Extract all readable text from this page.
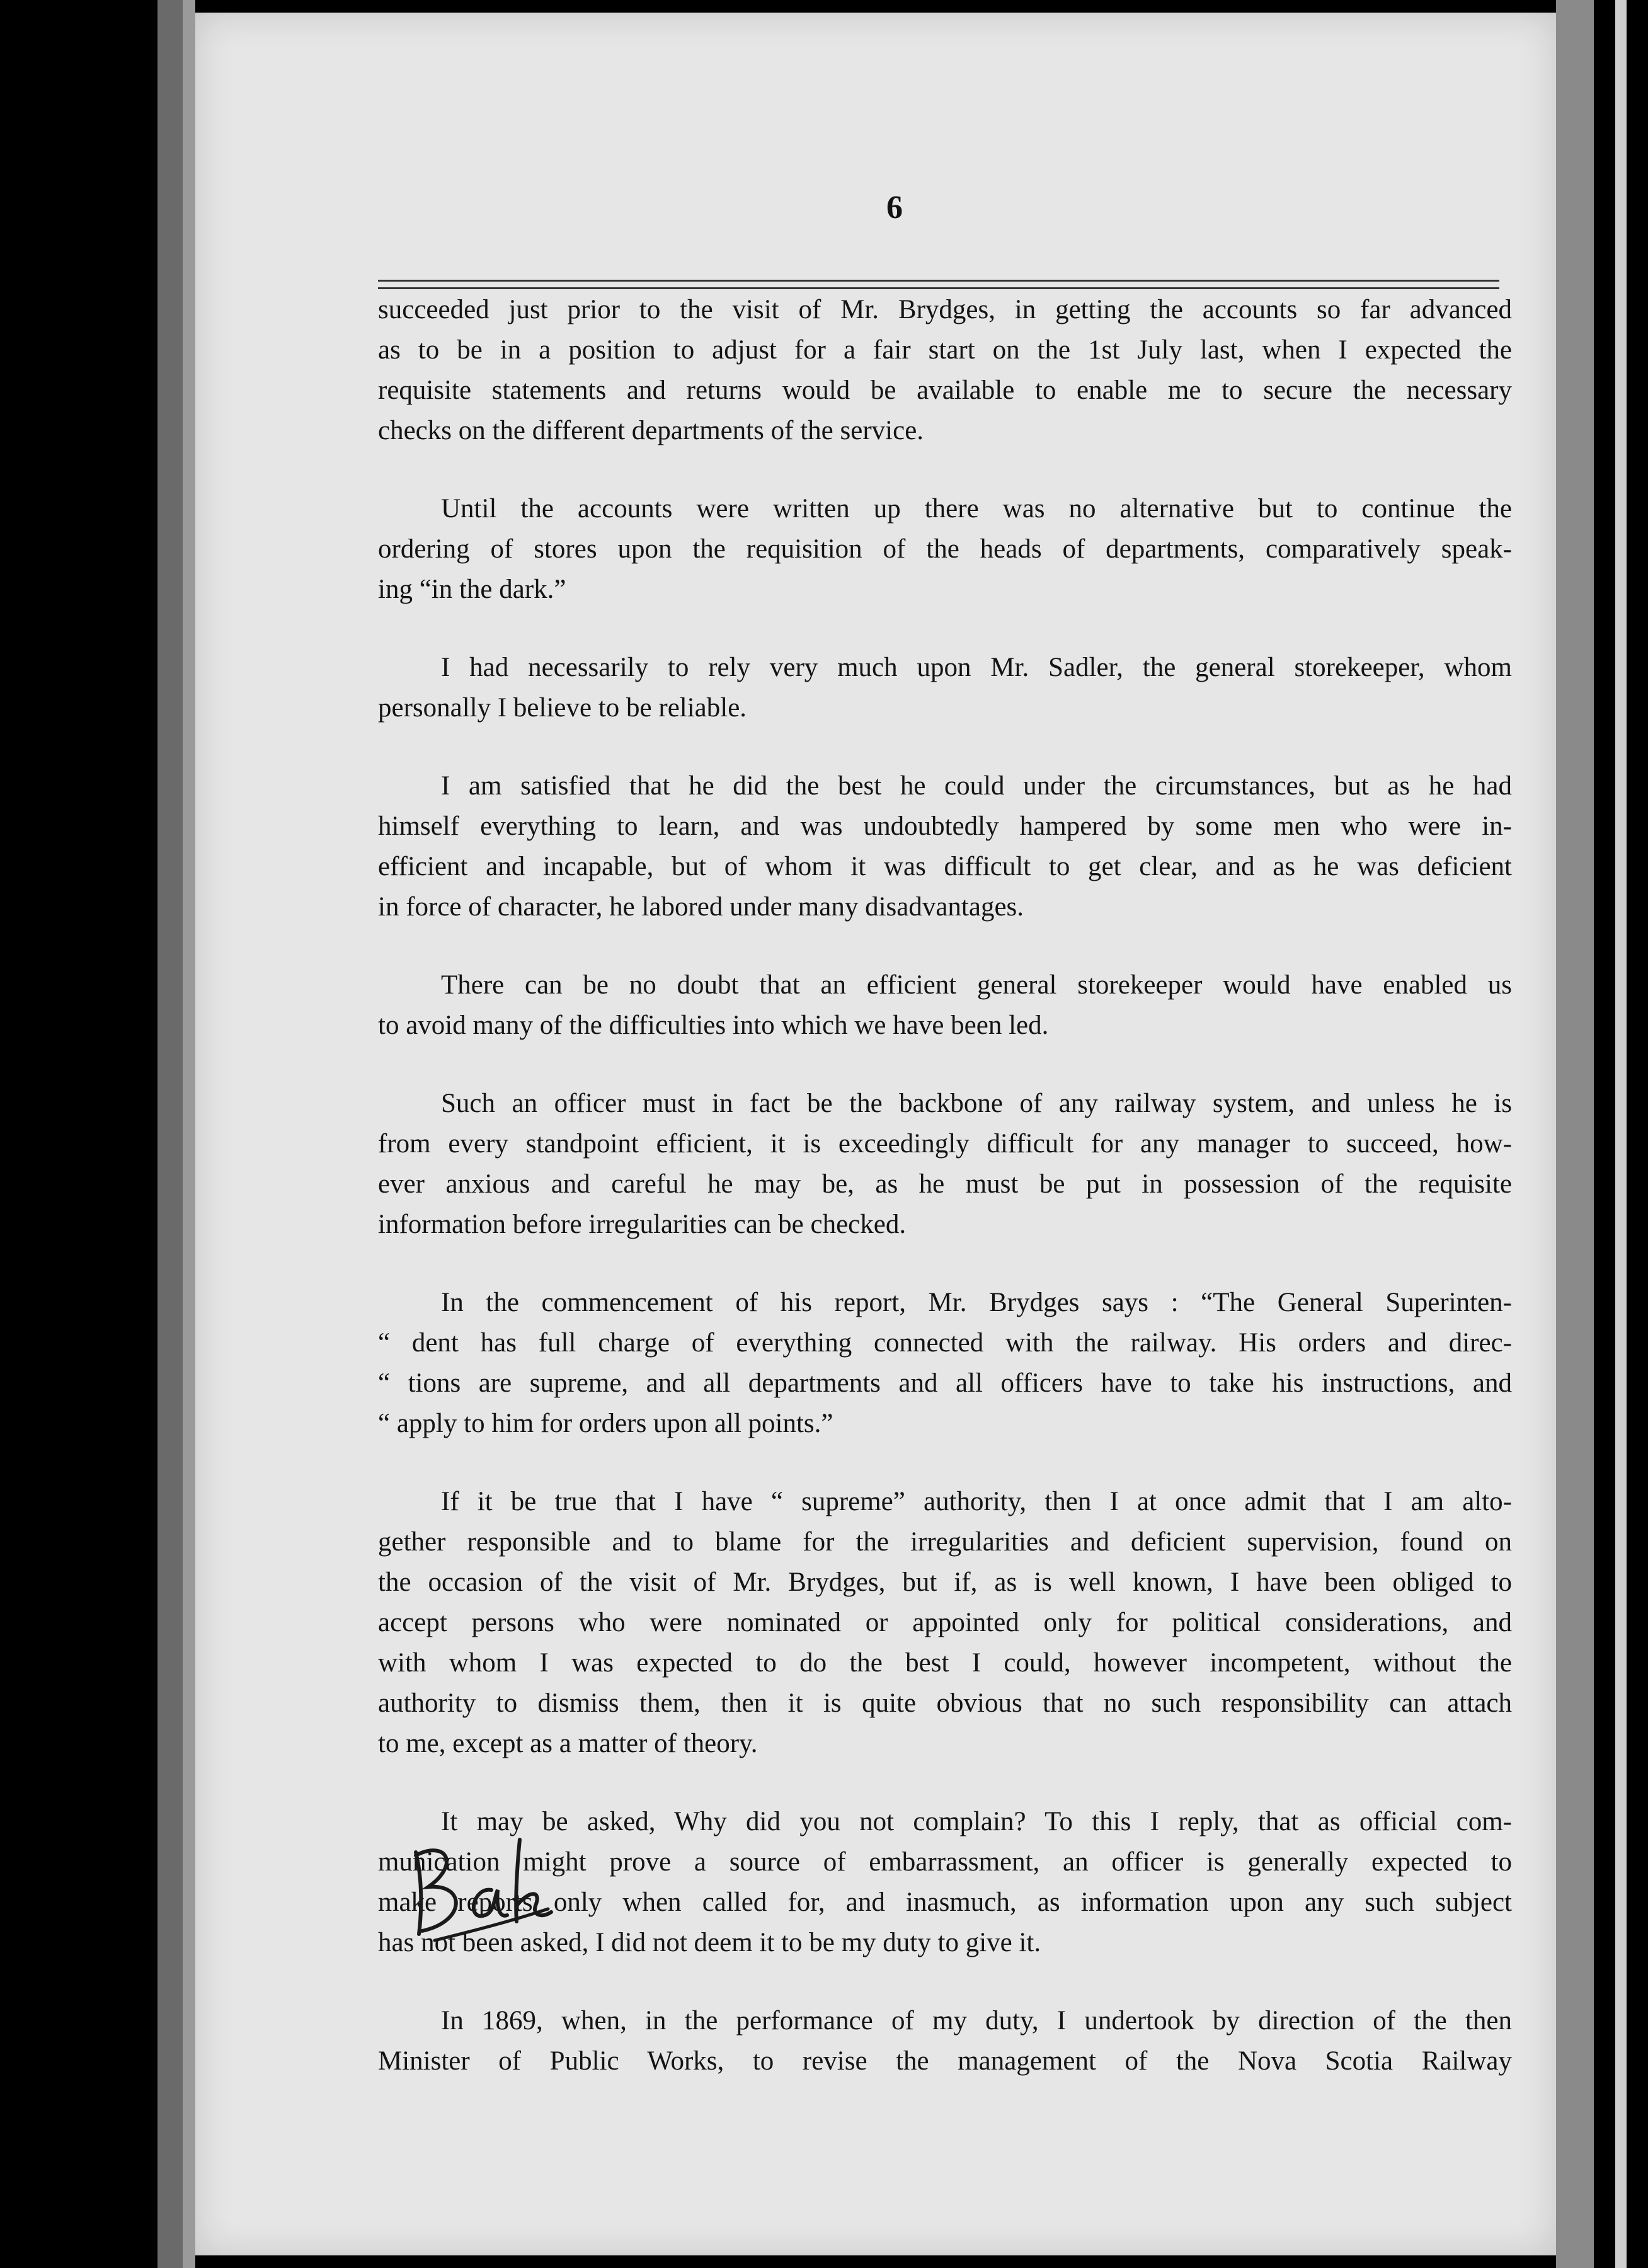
6

succeeded just prior to the visit of Mr. Brydges, in getting the accounts so far advanced
as to be in a position to adjust for a fair start on the 1st July last, when I expected the
requisite statements and returns would be available to enable me to secure the necessary
checks on the different departments of the service.

Until the accounts were written up there was no alternative but to continue the
ordering of stores upon the requisition of the heads of departments, comparatively speak-
ing “in the dark.”

I had necessarily to rely very much upon Mr. Sadler, the general storekeeper, whom
personally I believe to be reliable.

I am satisfied that he did the best he could under the circumstances, but as he had
himself everything to learn, and was undoubtedly hampered by some men who were in-
efficient and incapable, but of whom it was difficult to get clear, and as he was deficient
in force of character, he labored under many disadvantages.

There can be no doubt that an efficient general storekeeper would have enabled us
to avoid many of the difficulties into which we have been led.

Such an officer must in fact be the backbone of any railway system, and unless he is
from every standpoint efficient, it is exceedingly difficult for any manager to succeed, how-
ever anxious and careful he may be, as he must be put in possession of the requisite
information before irregularities can be checked.

In the commencement of his report, Mr. Brydges says : “The General Superinten-
“ dent has full charge of everything connected with the railway. His orders and direc-
“ tions are supreme, and all departments and all officers have to take his instructions, and
“ apply to him for orders upon all points.”

If it be true that I have “ supreme” authority, then I at once admit that I am alto-
gether responsible and to blame for the irregularities and deficient supervision, found on
the occasion of the visit of Mr. Brydges, but if, as is well known, I have been obliged to
accept persons who were nominated or appointed only for political considerations, and
with whom I was expected to do the best I could, however incompetent, without the
authority to dismiss them, then it is quite obvious that no such responsibility can attach
to me, except as a matter of theory.

It may be asked, Why did you not complain? To this I reply, that as official com-
munication might prove a source of embarrassment, an officer is generally expected to
make reports only when called for, and inasmuch, as information upon any such subject
has not been asked, I did not deem it to be my duty to give it.

In 1869, when, in the performance of my duty, I undertook by direction of the then
Minister of Public Works, to revise the management of the Nova Scotia Railway
